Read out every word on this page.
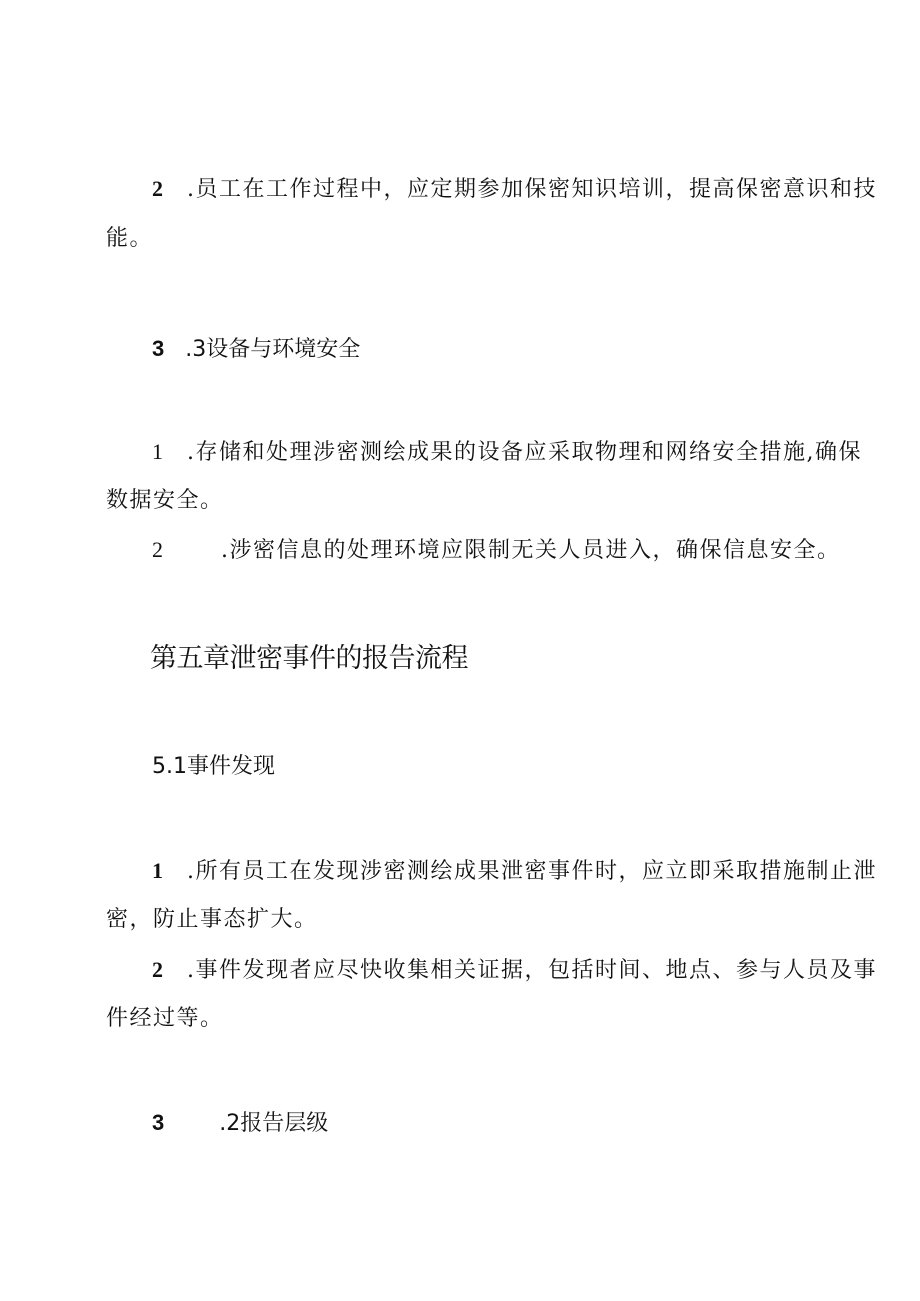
2 .员工在工作过程中，应定期参加保密知识培训，提高保密意识和技
能。
3 .3设备与环境安全
1 .存储和处理涉密测绘成果的设备应采取物理和网络安全措施,确保
数据安全。
2	.涉密信息的处理环境应限制无关人员进入，确保信息安全。
第五章泄密事件的报告流程
5.1事件发现
1 .所有员工在发现涉密测绘成果泄密事件时，应立即采取措施制止泄
密，防止事态扩大。
2 .事件发现者应尽快收集相关证据，包括时间、地点、参与人员及事
件经过等。
3	.2报告层级
